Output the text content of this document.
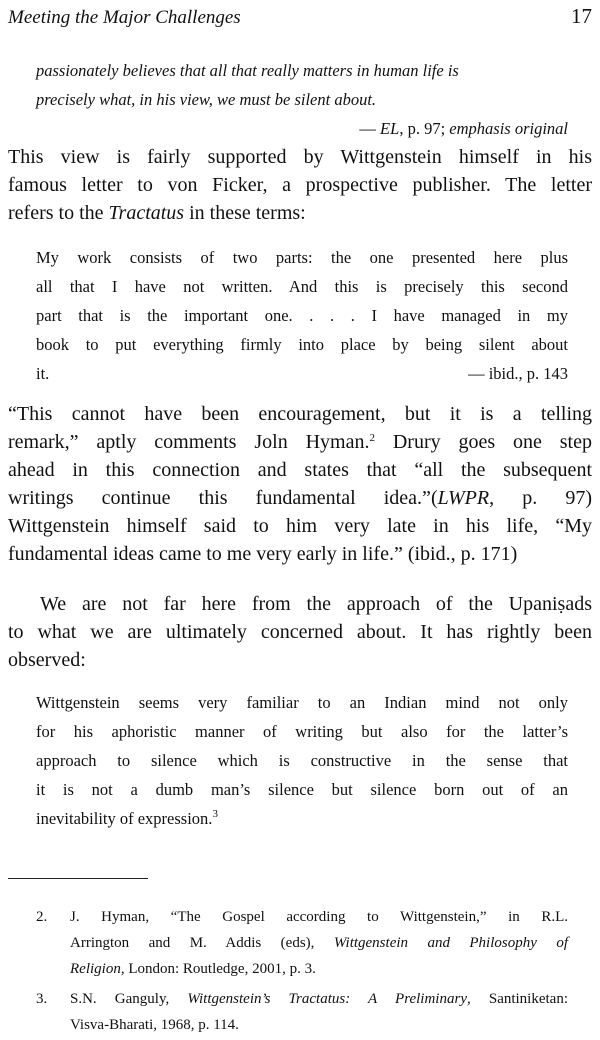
Meeting the Major Challenges	17
passionately believes that all that really matters in human life is
precisely what, in his view, we must be silent about.
— EL, p. 97; emphasis original
This view is fairly supported by Wittgenstein himself in his
famous letter to von Ficker, a prospective publisher. The letter
refers to the Tractatus in these terms:
My work consists of two parts: the one presented here plus
all that I have not written. And this is precisely this second
part that is the important one. . . . I have managed in my
book to put everything firmly into place by being silent about
it.	— ibid., p. 143
“This cannot have been encouragement, but it is a telling
remark,” aptly comments Joln Hyman.$^2$ Drury goes one step
ahead in this connection and states that “all the subsequent
writings continue this fundamental idea.”(LWPR, p. 97)
Wittgenstein himself said to him very late in his life, “My
fundamental ideas came to me very early in life.” (ibid., p. 171)
We are not far here from the approach of the Upaniṣads
to what we are ultimately concerned about. It has rightly been
observed:
Wittgenstein seems very familiar to an Indian mind not only
for his aphoristic manner of writing but also for the latter’s
approach to silence which is constructive in the sense that
it is not a dumb man’s silence but silence born out of an
inevitability of expression.$^3$
2.	J. Hyman, “The Gospel according to Wittgenstein,” in R.L.
Arrington and M. Addis (eds), Wittgenstein and Philosophy of
Religion, London: Routledge, 2001, p. 3.
3.	S.N. Ganguly, Wittgenstein’s Tractatus: A Preliminary, Santiniketan:
Visva-Bharati, 1968, p. 114.
